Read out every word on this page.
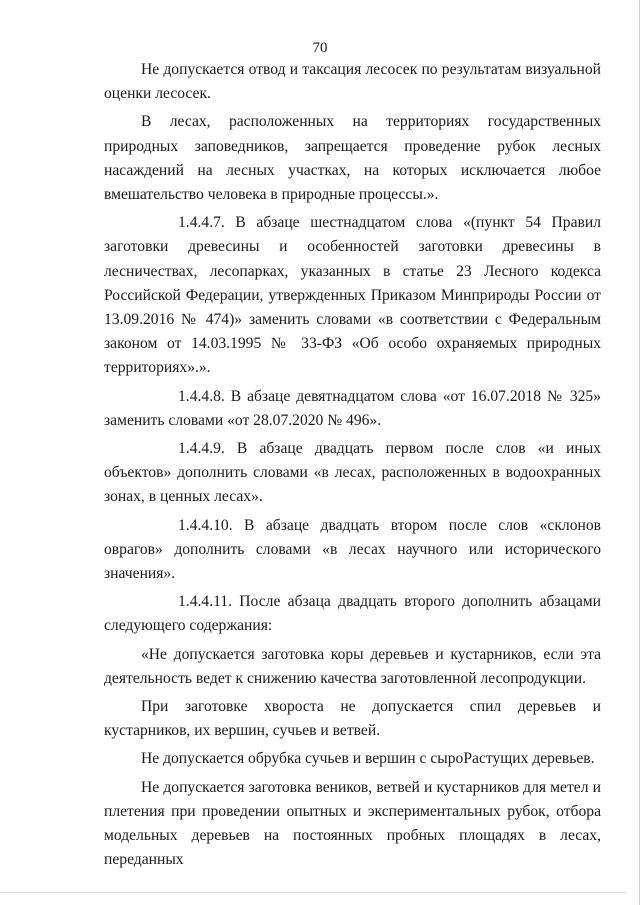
70

Не допускается отвод и таксация лесосек по результатам визуальной оценки лесосек.

В лесах, расположенных на территориях государственных природных заповедников, запрещается проведение рубок лесных насаждений на лесных участках, на которых исключается любое вмешательство человека в природные процессы.».

1.4.4.7. В абзаце шестнадцатом слова «(пункт 54 Правил заготовки древесины и особенностей заготовки древесины в лесничествах, лесопарках, указанных в статье 23 Лесного кодекса Российской Федерации, утвержденных Приказом Минприроды России от 13.09.2016 № 474)» заменить словами «в соответствии с Федеральным законом от 14.03.1995 № 33-ФЗ «Об особо охраняемых природных территориях».».

1.4.4.8. В абзаце девятнадцатом слова «от 16.07.2018 № 325» заменить словами «от 28.07.2020 № 496».

1.4.4.9. В абзаце двадцать первом после слов «и иных объектов» дополнить словами «в лесах, расположенных в водоохранных зонах, в ценных лесах».

1.4.4.10. В абзаце двадцать втором после слов «склонов оврагов» дополнить словами «в лесах научного или исторического значения».

1.4.4.11. После абзаца двадцать второго дополнить абзацами следующего содержания:

«Не допускается заготовка коры деревьев и кустарников, если эта деятельность ведет к снижению качества заготовленной лесопродукции.

При заготовке хвороста не допускается спил деревьев и кустарников, их вершин, сучьев и ветвей.

Не допускается обрубка сучьев и вершин с сыроРастущих деревьев.

Не допускается заготовка веников, ветвей и кустарников для метел и плетения при проведении опытных и экспериментальных рубок, отбора модельных деревьев на постоянных пробных площадях в лесах, переданных
